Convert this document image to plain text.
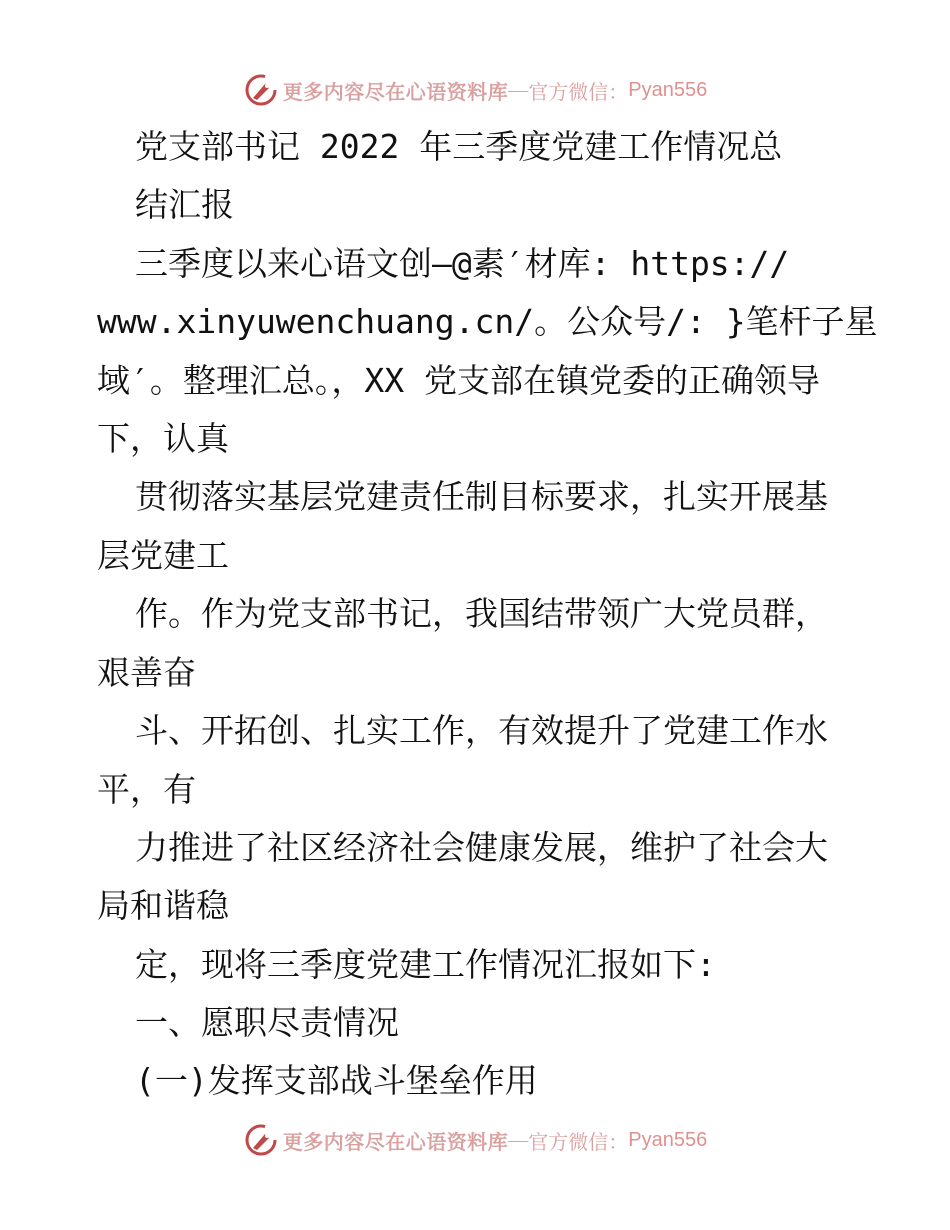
更多内容尽在心语资料库 — 官方微信： Pyan556
党支部书记 2022 年三季度党建工作情况总
结汇报
三季度以来心语文创—@素′材库: https://
www.xinyuwenchuang.cn/。公众号/: }笔杆子星
域′。整理汇总。，XX 党支部在镇党委的正确领导
下，认真
贯彻落实基层党建责任制目标要求，扎实开展基
层党建工
作。作为党支部书记，我国结带领广大党员群，
艰善奋
斗、开拓创、扎实工作，有效提升了党建工作水
平，有
力推进了社区经济社会健康发展，维护了社会大
局和谐稳
定，现将三季度党建工作情况汇报如下:
一、愿职尽责情况
(一)发挥支部战斗堡垒作用
更多内容尽在心语资料库 — 官方微信： Pyan556
